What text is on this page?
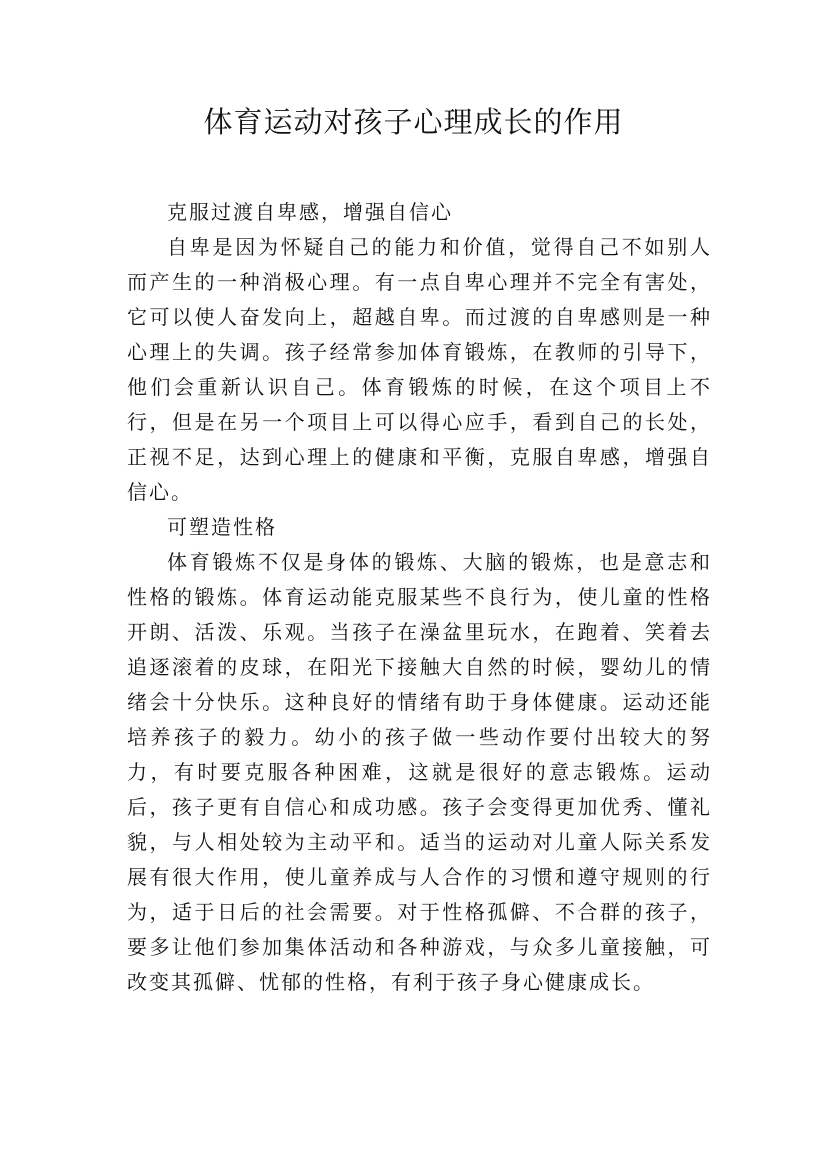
体育运动对孩子心理成长的作用

克服过渡自卑感，增强自信心

自卑是因为怀疑自己的能力和价值，觉得自己不如别人而产生的一种消极心理。有一点自卑心理并不完全有害处，它可以使人奋发向上，超越自卑。而过渡的自卑感则是一种心理上的失调。孩子经常参加体育锻炼，在教师的引导下，他们会重新认识自己。体育锻炼的时候，在这个项目上不行，但是在另一个项目上可以得心应手，看到自己的长处，正视不足，达到心理上的健康和平衡，克服自卑感，增强自信心。

可塑造性格

体育锻炼不仅是身体的锻炼、大脑的锻炼，也是意志和性格的锻炼。体育运动能克服某些不良行为，使儿童的性格开朗、活泼、乐观。当孩子在澡盆里玩水，在跑着、笑着去追逐滚着的皮球，在阳光下接触大自然的时候，婴幼儿的情绪会十分快乐。这种良好的情绪有助于身体健康。运动还能培养孩子的毅力。幼小的孩子做一些动作要付出较大的努力，有时要克服各种困难，这就是很好的意志锻炼。运动后，孩子更有自信心和成功感。孩子会变得更加优秀、懂礼貌，与人相处较为主动平和。适当的运动对儿童人际关系发展有很大作用，使儿童养成与人合作的习惯和遵守规则的行为，适于日后的社会需要。对于性格孤僻、不合群的孩子，要多让他们参加集体活动和各种游戏，与众多儿童接触，可改变其孤僻、忧郁的性格，有利于孩子身心健康成长。
